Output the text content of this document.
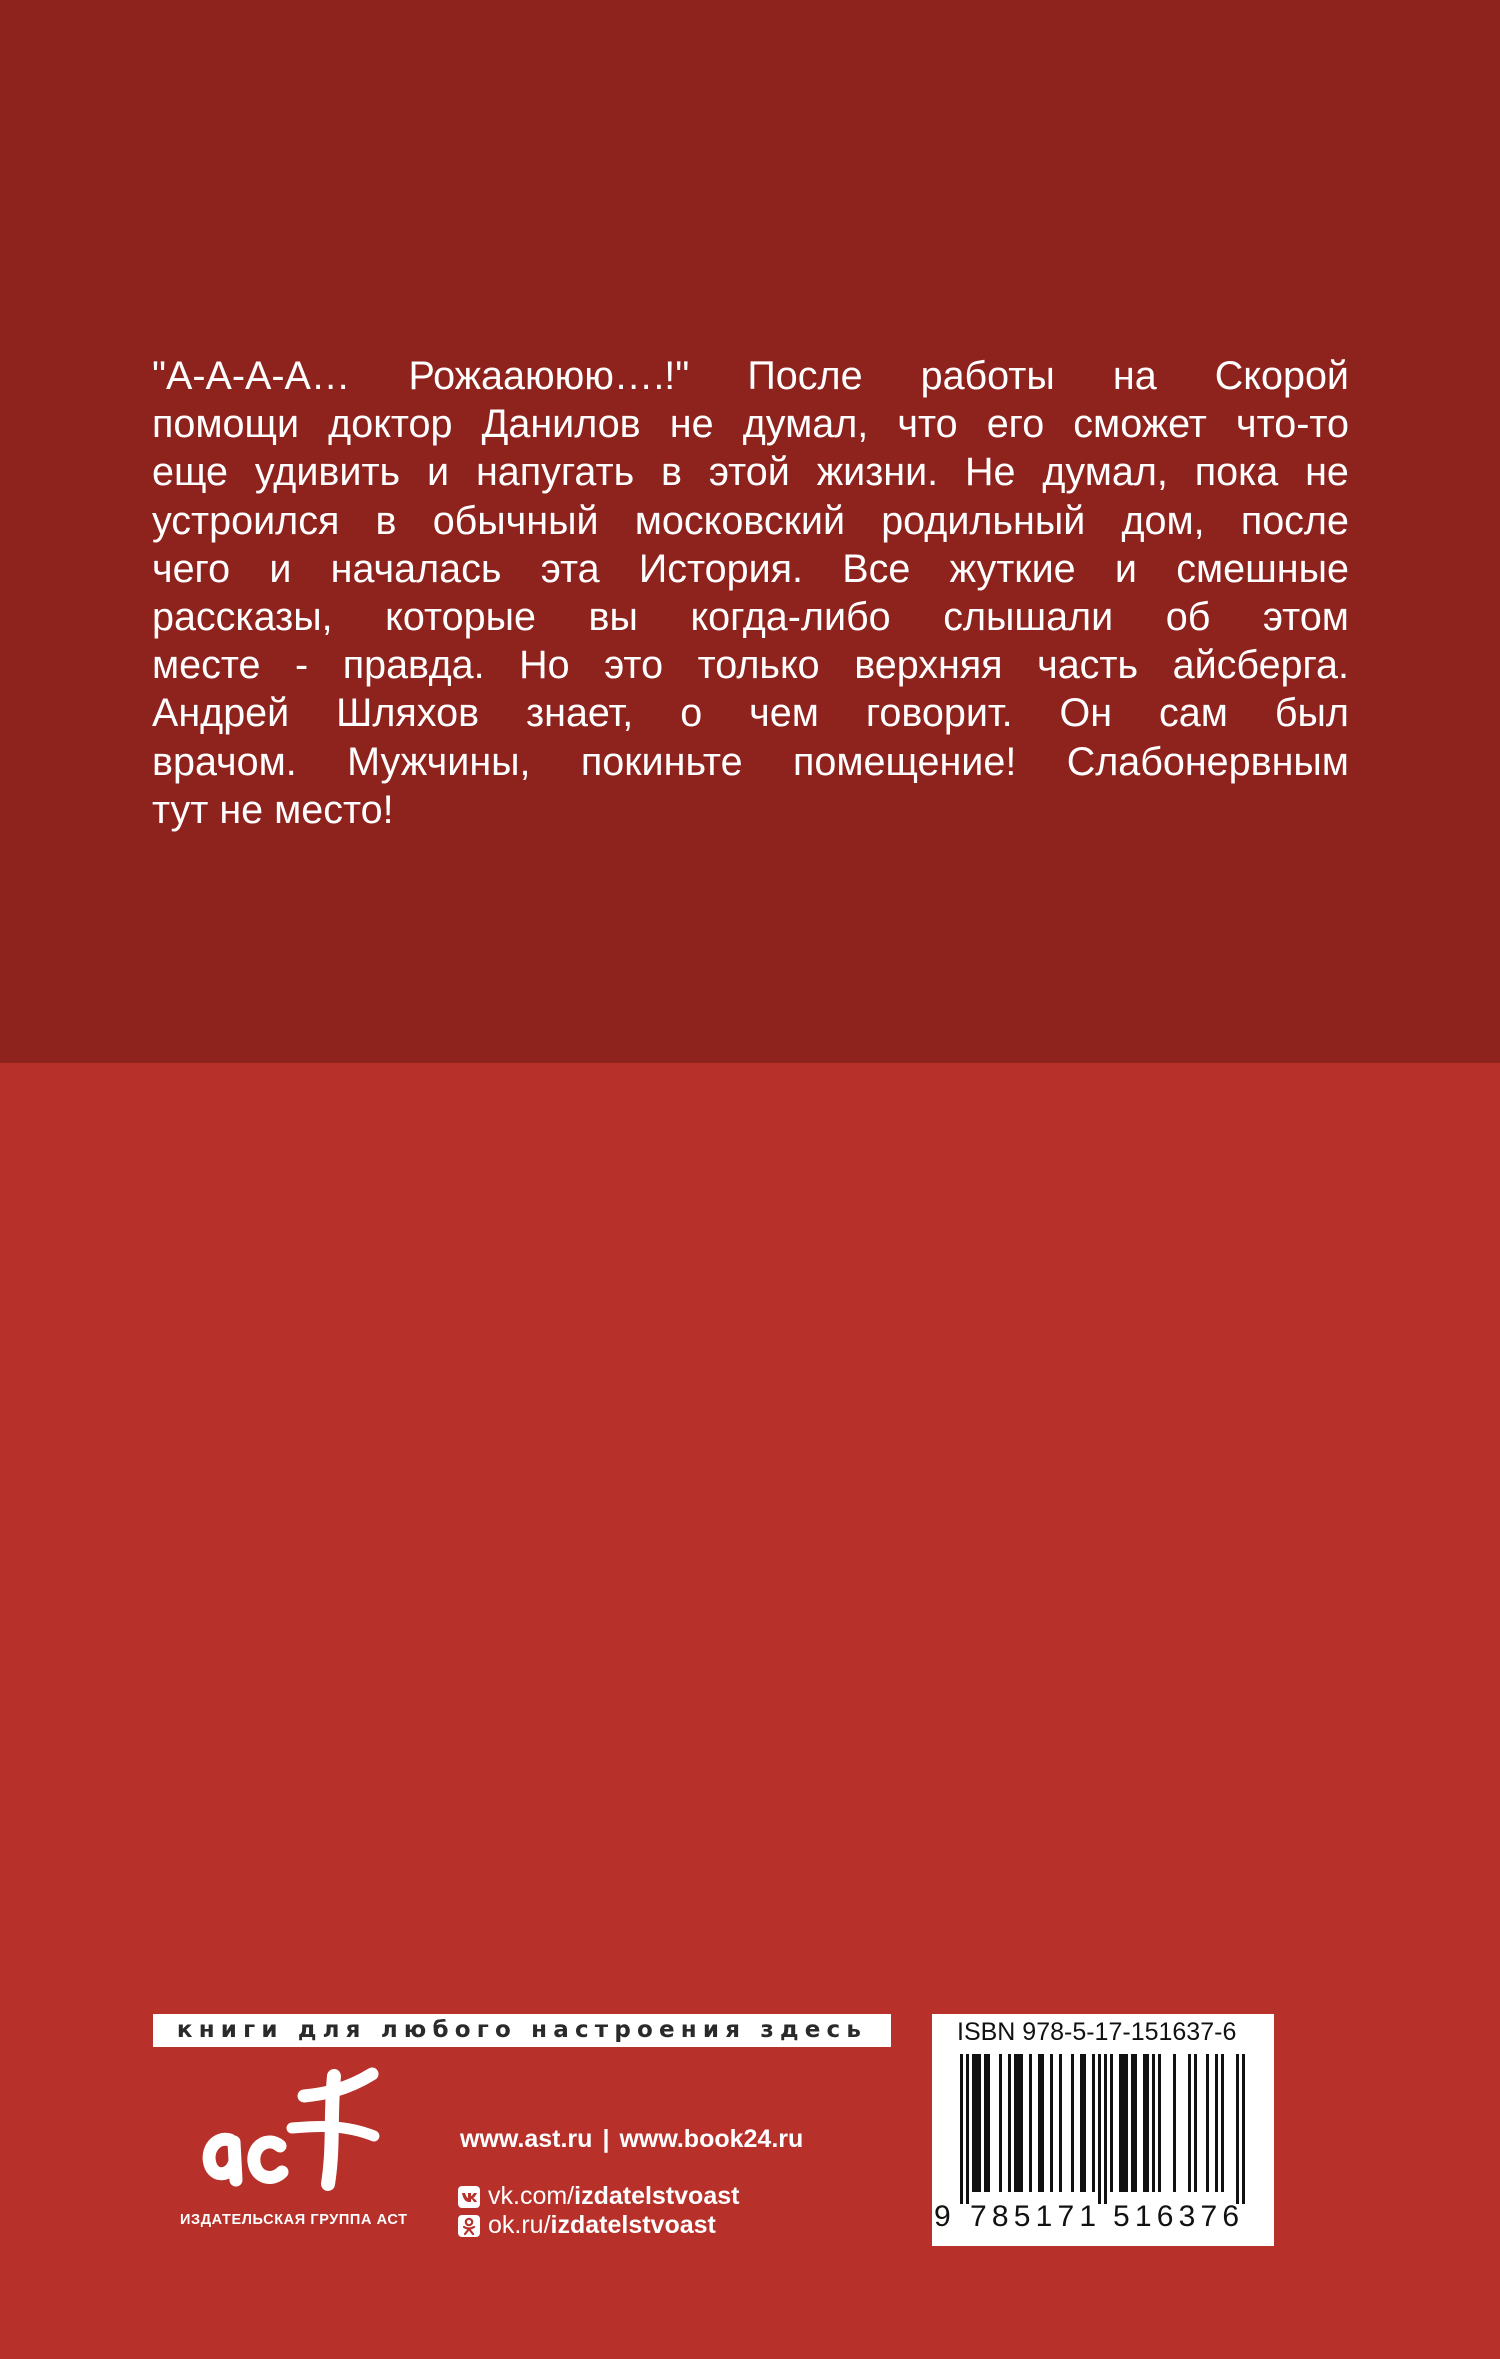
"А-А-А-А… Рожааююю….!" После работы на Скорой
помощи доктор Данилов не думал, что его сможет что-то
еще удивить и напугать в этой жизни. Не думал, пока не
устроился в обычный московский родильный дом, после
чего и началась эта История. Все жуткие и смешные
рассказы, которые вы когда-либо слышали об этом
месте - правда. Но это только верхняя часть айсберга.
Андрей Шляхов знает, о чем говорит. Он сам был
врачом. Мужчины, покиньте помещение! Слабонервным
тут не место!
книги для любого настроения здесь
ИЗДАТЕЛЬСКАЯ ГРУППА АСТ
www.ast.ru | www.book24.ru
vk.com/ izdatelstvoast
ok.ru/ izdatelstvoast
ISBN 978-5-17-151637-6
9 785171 516376
